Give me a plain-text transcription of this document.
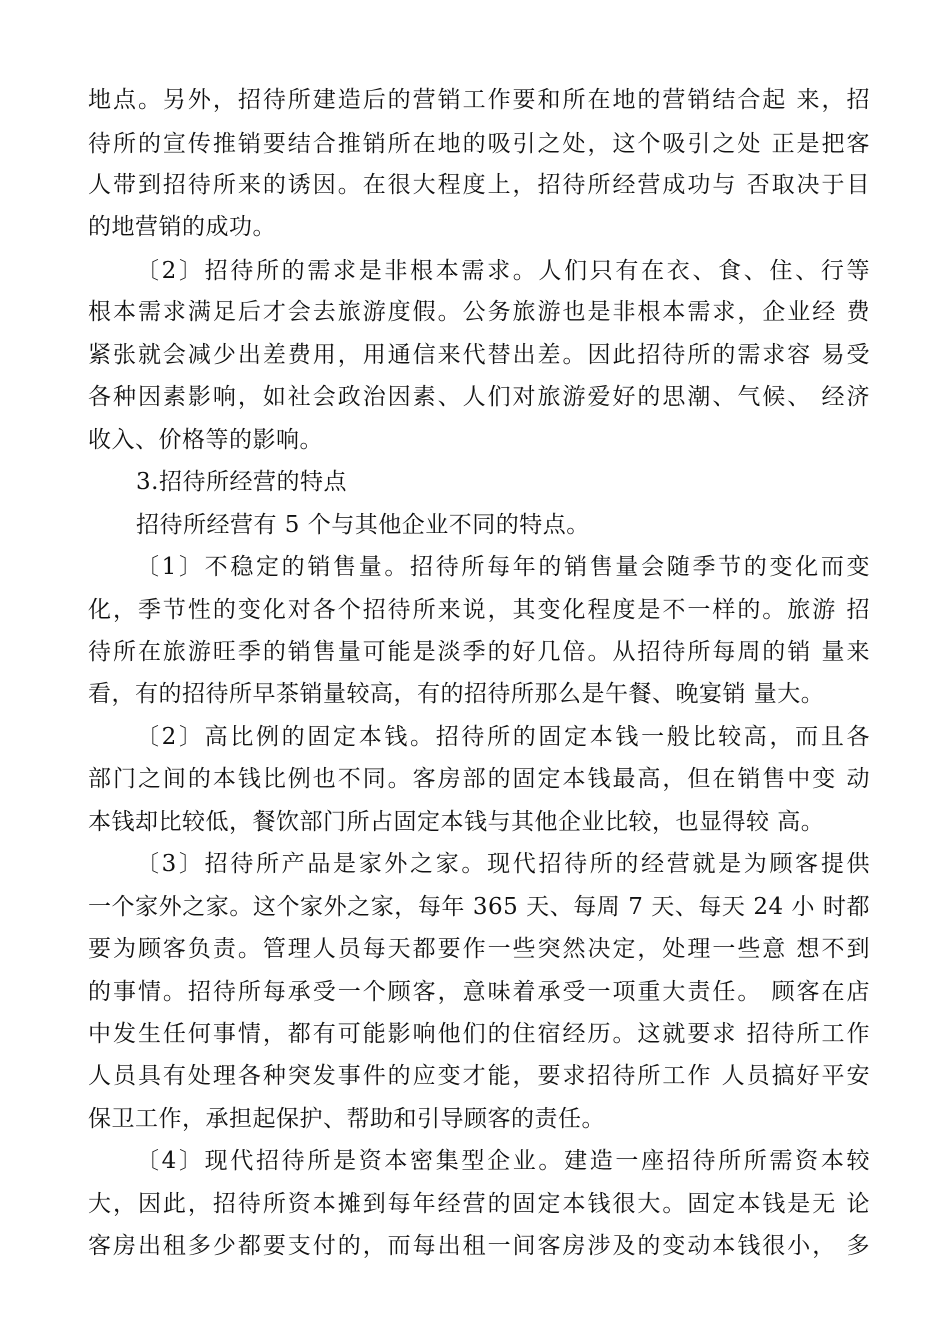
地点。另外，招待所建造后的营销工作要和所在地的营销结合起 来，招
待所的宣传推销要结合推销所在地的吸引之处，这个吸引之处 正是把客
人带到招待所来的诱因。在很大程度上，招待所经营成功与 否取决于目
的地营销的成功。
〔2〕招待所的需求是非根本需求。人们只有在衣、食、住、行等
根本需求满足后才会去旅游度假。公务旅游也是非根本需求，企业经 费
紧张就会减少出差费用，用通信来代替出差。因此招待所的需求容 易受
各种因素影响，如社会政治因素、人们对旅游爱好的思潮、气候、 经济
收入、价格等的影响。
3.招待所经营的特点
招待所经营有 5 个与其他企业不同的特点。
〔1〕不稳定的销售量。招待所每年的销售量会随季节的变化而变
化，季节性的变化对各个招待所来说，其变化程度是不一样的。旅游 招
待所在旅游旺季的销售量可能是淡季的好几倍。从招待所每周的销 量来
看，有的招待所早茶销量较高，有的招待所那么是午餐、晚宴销 量大。
〔2〕高比例的固定本钱。招待所的固定本钱一般比较高，而且各
部门之间的本钱比例也不同。客房部的固定本钱最高，但在销售中变 动
本钱却比较低，餐饮部门所占固定本钱与其他企业比较，也显得较 高。
〔3〕招待所产品是家外之家。现代招待所的经营就是为顾客提供
一个家外之家。这个家外之家，每年 365 天、每周 7 天、每天 24 小 时都
要为顾客负责。管理人员每天都要作一些突然决定，处理一些意 想不到
的事情。招待所每承受一个顾客，意味着承受一项重大责任。 顾客在店
中发生任何事情，都有可能影响他们的住宿经历。这就要求 招待所工作
人员具有处理各种突发事件的应变才能，要求招待所工作 人员搞好平安
保卫工作，承担起保护、帮助和引导顾客的责任。
〔4〕现代招待所是资本密集型企业。建造一座招待所所需资本较
大，因此，招待所资本摊到每年经营的固定本钱很大。固定本钱是无 论
客房出租多少都要支付的，而每出租一间客房涉及的变动本钱很小， 多
